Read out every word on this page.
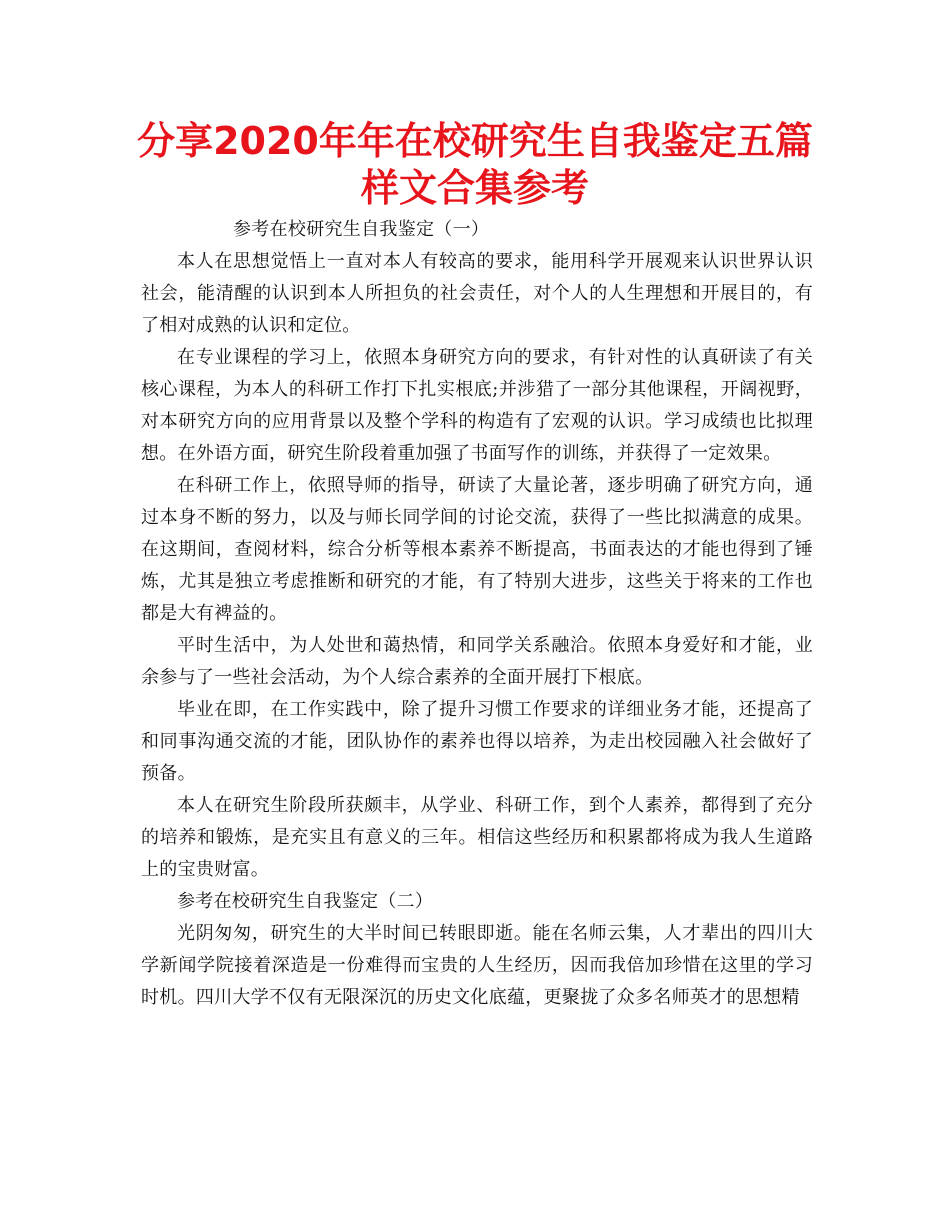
分享2020年年在校研究生自我鉴定五篇样文合集参考

参考在校研究生自我鉴定（一）

本人在思想觉悟上一直对本人有较高的要求，能用科学开展观来认识世界认识社会，能清醒的认识到本人所担负的社会责任，对个人的人生理想和开展目的，有了相对成熟的认识和定位。

在专业课程的学习上，依照本身研究方向的要求，有针对性的认真研读了有关核心课程，为本人的科研工作打下扎实根底;并涉猎了一部分其他课程，开阔视野，对本研究方向的应用背景以及整个学科的构造有了宏观的认识。学习成绩也比拟理想。在外语方面，研究生阶段着重加强了书面写作的训练，并获得了一定效果。

在科研工作上，依照导师的指导，研读了大量论著，逐步明确了研究方向，通过本身不断的努力，以及与师长同学间的讨论交流，获得了一些比拟满意的成果。在这期间，查阅材料，综合分析等根本素养不断提高，书面表达的才能也得到了锤炼，尤其是独立考虑推断和研究的才能，有了特别大进步，这些关于将来的工作也都是大有裨益的。

平时生活中，为人处世和蔼热情，和同学关系融洽。依照本身爱好和才能，业余参与了一些社会活动，为个人综合素养的全面开展打下根底。

毕业在即，在工作实践中，除了提升习惯工作要求的详细业务才能，还提高了和同事沟通交流的才能，团队协作的素养也得以培养，为走出校园融入社会做好了预备。

本人在研究生阶段所获颇丰，从学业、科研工作，到个人素养，都得到了充分的培养和锻炼，是充实且有意义的三年。相信这些经历和积累都将成为我人生道路上的宝贵财富。

参考在校研究生自我鉴定（二）

光阴匆匆，研究生的大半时间已转眼即逝。能在名师云集，人才辈出的四川大学新闻学院接着深造是一份难得而宝贵的人生经历，因而我倍加珍惜在这里的学习时机。四川大学不仅有无限深沉的历史文化底蕴，更聚拢了众多名师英才的思想精
